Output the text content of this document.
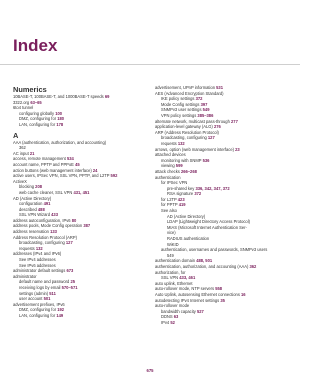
Index
Numerics
10BASE-T, 100BASE-T, and 1000BASE-T speeds 69
3322.org 63–65
6to4 tunnel
configuring globally 100
DMZ, configuring for 180
LAN, configuring for 178
A
AAA (authentication, authorization, and accounting)
362
AC input 21
access, remote management 534
account name, PPTP and PPPoE 45
action buttons (web management interface) 24
active users, IPSec VPN, SSL VPN, PPTP, and L2TP 592
ActiveX
blocking 208
web cache cleaner, SSL VPN 431, 451
AD (Active Directory)
configuration 491
described 488
SSL VPN Wizard 433
address autoconfiguration, IPv6 80
address pools, Mode Config operation 387
address reservation 133
Address Resolution Protocol (ARP)
broadcasting, configuring 127
requests 132
addresses (IPv4 and IPv6)
See IPv4 addresses
See IPv6 addresses
administrator default settings 673
administrator
default name and password 25
receiving logs by email 570–571
settings (admin) 511
user account 501
advertisement prefixes, IPv6
DMZ, configuring for 192
LAN, configuring for 149
advertisement, UPnP information 531
AES (Advanced Encryption Standard)
IKE policy settings 372
Mode Config settings 397
SNMPv3 user settings 549
VPN policy settings 385–386
alternate network, multicast pass-through 277
application-level gateway (ALG) 276
ARP (Address Resolution Protocol)
broadcasting, configuring 127
requests 132
arrows, option (web management interface) 23
attached devices
monitoring with SNMP 536
viewing 599
attack checks 266–268
authentication
for IPSec VPN
pre-shared key 336, 342, 347, 372
RSA signature 372
for L2TP 423
for PPTP 419
See also
AD (Active Directory)
LDAP (Lightweight Directory Access Protocol)
MIAS (Microsoft Internet Authentication Ser-
vice)
RADIUS authentication
WiKID
authentication, usernames and passwords, SNMPv3 users
549
authentication domain 488, 501
authentication, authorization, and accounting (AAA) 362
authorization, for
SSL VPN 433, 461
auto uplink, Ethernet
auto-rollover mode, NTP servers 558
Auto Uplink, autosensing Ethernet connections 16
autodetecting IPv4 Internet settings 35
auto-rollover mode
bandwidth capacity 527
DDNS 63
IPv4 52
675
